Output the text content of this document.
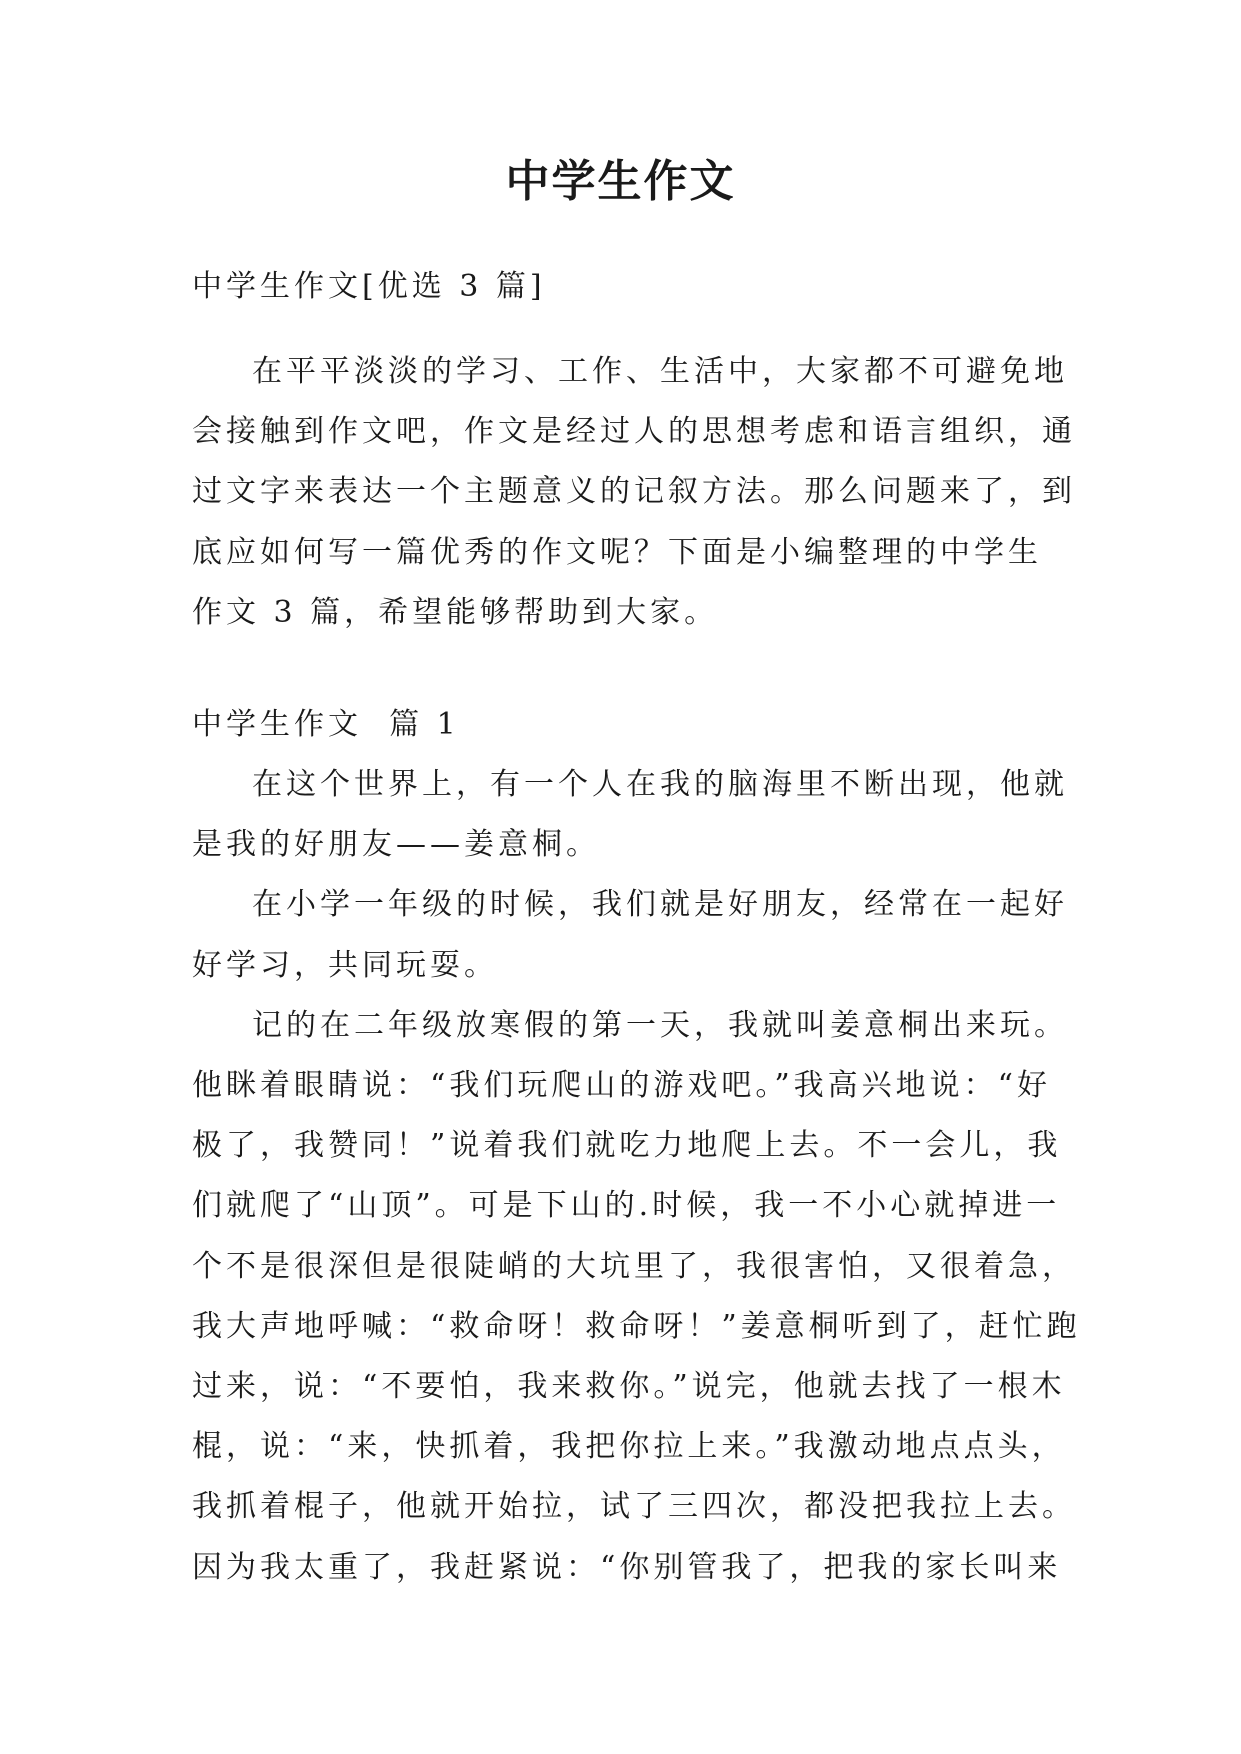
中学生作文
中学生作文[优选 3 篇]
在平平淡淡的学习、工作、生活中，大家都不可避免地
会接触到作文吧，作文是经过人的思想考虑和语言组织，通
过文字来表达一个主题意义的记叙方法。那么问题来了，到
底应如何写一篇优秀的作文呢？下面是小编整理的中学生
作文 3 篇，希望能够帮助到大家。
中学生作文  篇 1

在这个世界上，有一个人在我的脑海里不断出现，他就
是我的好朋友——姜意桐。

在小学一年级的时候，我们就是好朋友，经常在一起好
好学习，共同玩耍。

记的在二年级放寒假的第一天，我就叫姜意桐出来玩。
他眯着眼睛说：“我们玩爬山的游戏吧。”我高兴地说：“好
极了，我赞同！”说着我们就吃力地爬上去。不一会儿，我
们就爬了“山顶”。可是下山的.时候，我一不小心就掉进一
个不是很深但是很陡峭的大坑里了，我很害怕，又很着急，
我大声地呼喊：“救命呀！救命呀！”姜意桐听到了，赶忙跑
过来，说：“不要怕，我来救你。”说完，他就去找了一根木
棍，说：“来，快抓着，我把你拉上来。”我激动地点点头，
我抓着棍子，他就开始拉，试了三四次，都没把我拉上去。
因为我太重了，我赶紧说：“你别管我了，把我的家长叫来
